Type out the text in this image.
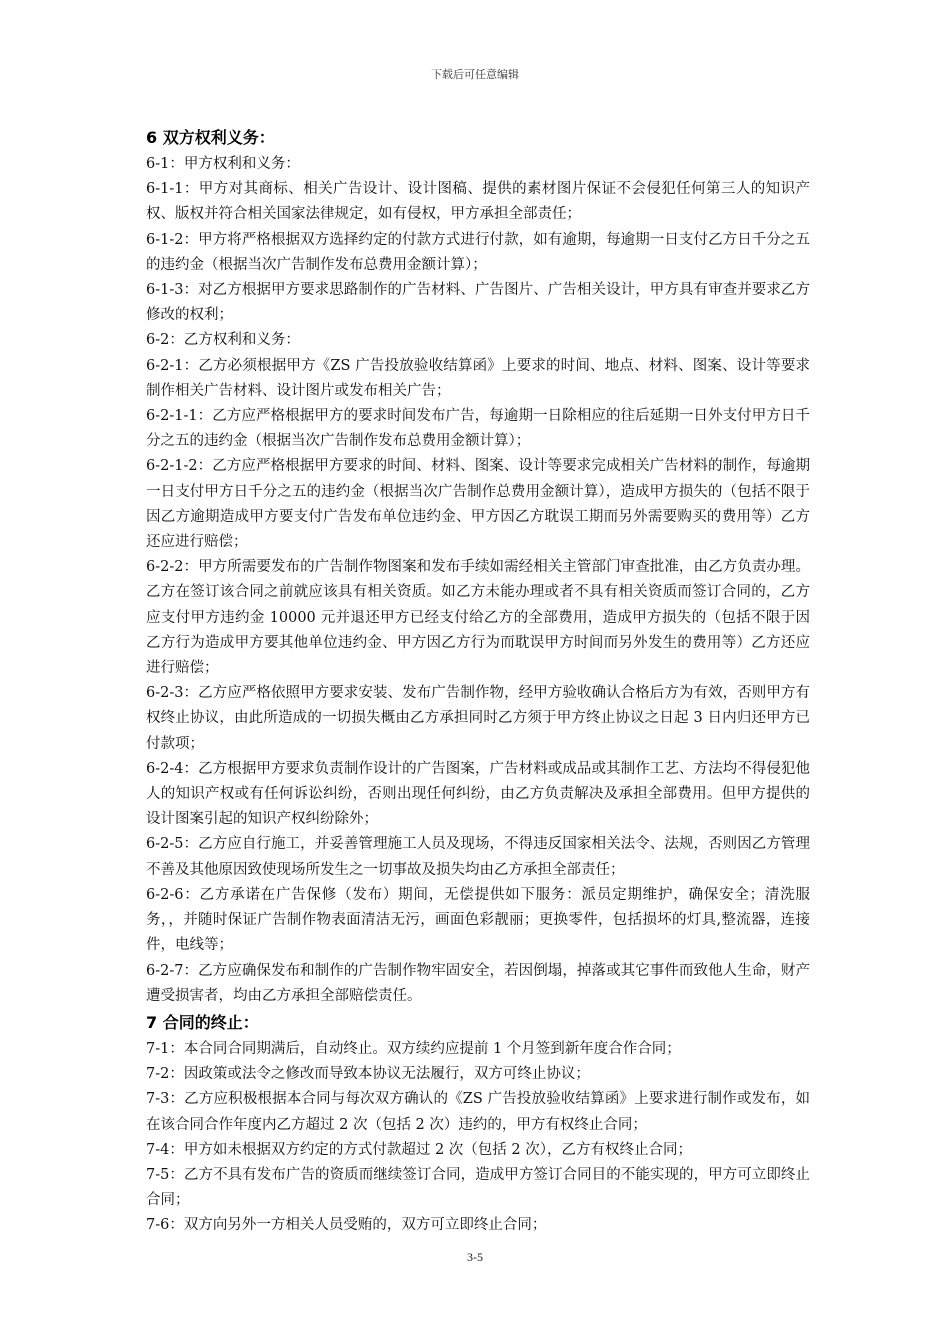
下载后可任意编辑
6 双方权利义务：

6-1：甲方权利和义务：

6-1-1：甲方对其商标、相关广告设计、设计图稿、提供的素材图片保证不会侵犯任何第三人的知识产权、版权并符合相关国家法律规定，如有侵权，甲方承担全部责任；

6-1-2：甲方将严格根据双方选择约定的付款方式进行付款，如有逾期，每逾期一日支付乙方日千分之五的违约金（根据当次广告制作发布总费用金额计算）；

6-1-3：对乙方根据甲方要求思路制作的广告材料、广告图片、广告相关设计，甲方具有审查并要求乙方修改的权利；

6-2：乙方权利和义务：

6-2-1：乙方必须根据甲方《ZS 广告投放验收结算函》上要求的时间、地点、材料、图案、设计等要求制作相关广告材料、设计图片或发布相关广告；

6-2-1-1：乙方应严格根据甲方的要求时间发布广告，每逾期一日除相应的往后延期一日外支付甲方日千分之五的违约金（根据当次广告制作发布总费用金额计算）；

6-2-1-2：乙方应严格根据甲方要求的时间、材料、图案、设计等要求完成相关广告材料的制作，每逾期一日支付甲方日千分之五的违约金（根据当次广告制作总费用金额计算），造成甲方损失的（包括不限于因乙方逾期造成甲方要支付广告发布单位违约金、甲方因乙方耽误工期而另外需要购买的费用等）乙方还应进行赔偿；

6-2-2：甲方所需要发布的广告制作物图案和发布手续如需经相关主管部门审查批准，由乙方负责办理。乙方在签订该合同之前就应该具有相关资质。如乙方未能办理或者不具有相关资质而签订合同的，乙方应支付甲方违约金 10000 元并退还甲方已经支付给乙方的全部费用，造成甲方损失的（包括不限于因乙方行为造成甲方要其他单位违约金、甲方因乙方行为而耽误甲方时间而另外发生的费用等）乙方还应进行赔偿；

6-2-3：乙方应严格依照甲方要求安装、发布广告制作物，经甲方验收确认合格后方为有效，否则甲方有权终止协议，由此所造成的一切损失概由乙方承担同时乙方须于甲方终止协议之日起 3 日内归还甲方已付款项；

6-2-4：乙方根据甲方要求负责制作设计的广告图案，广告材料或成品或其制作工艺、方法均不得侵犯他人的知识产权或有任何诉讼纠纷，否则出现任何纠纷，由乙方负责解决及承担全部费用。但甲方提供的设计图案引起的知识产权纠纷除外；

6-2-5：乙方应自行施工，并妥善管理施工人员及现场，不得违反国家相关法令、法规，否则因乙方管理不善及其他原因致使现场所发生之一切事故及损失均由乙方承担全部责任；

6-2-6：乙方承诺在广告保修（发布）期间，无偿提供如下服务：派员定期维护，确保安全；清洗服务，，并随时保证广告制作物表面清洁无污，画面色彩靓丽；更换零件，包括损坏的灯具,整流器，连接件，电线等；

6-2-7：乙方应确保发布和制作的广告制作物牢固安全，若因倒塌，掉落或其它事件而致他人生命，财产遭受损害者，均由乙方承担全部赔偿责任。

7 合同的终止：

7-1：本合同合同期满后，自动终止。双方续约应提前 1 个月签到新年度合作合同；

7-2：因政策或法令之修改而导致本协议无法履行，双方可终止协议；

7-3：乙方应积极根据本合同与每次双方确认的《ZS 广告投放验收结算函》上要求进行制作或发布，如在该合同合作年度内乙方超过 2 次（包括 2 次）违约的，甲方有权终止合同；

7-4：甲方如未根据双方约定的方式付款超过 2 次（包括 2 次），乙方有权终止合同；

7-5：乙方不具有发布广告的资质而继续签订合同，造成甲方签订合同目的不能实现的，甲方可立即终止合同；

7-6：双方向另外一方相关人员受贿的，双方可立即终止合同；

3-5
